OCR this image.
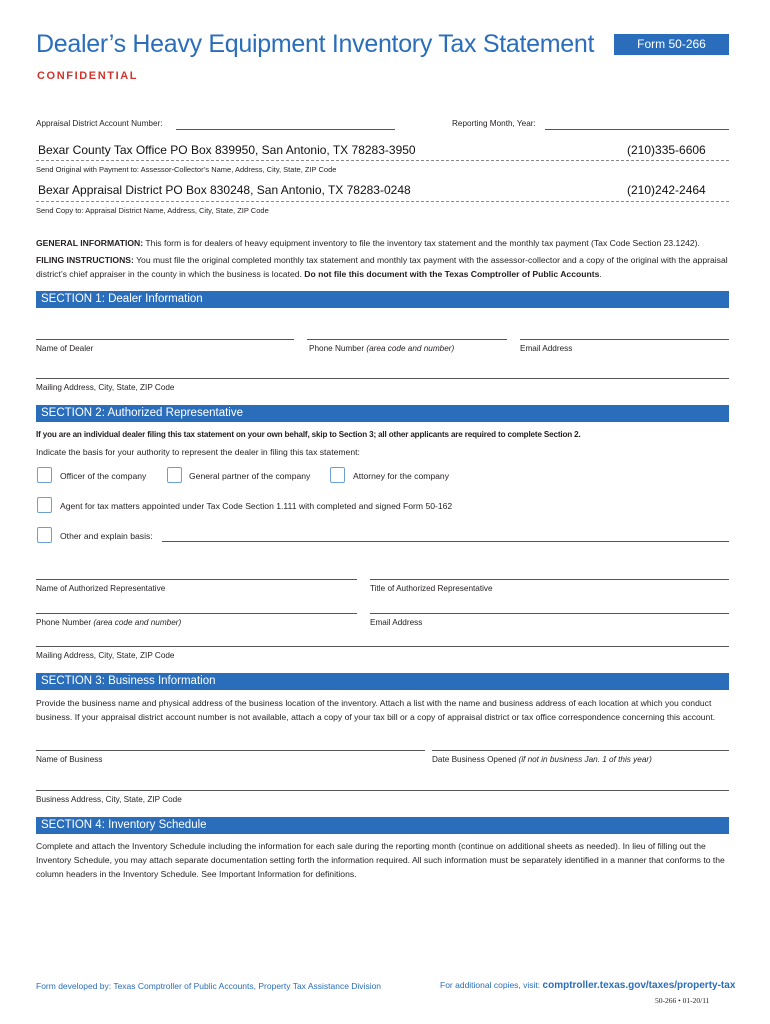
Dealer’s Heavy Equipment Inventory Tax Statement	Form 50-266
CONFIDENTIAL
Appraisal District Account Number:	Reporting Month, Year:
Bexar County Tax Office PO Box 839950, San Antonio, TX 78283-3950	(210)335-6606
Send Original with Payment to: Assessor-Collector’s Name, Address, City, State, ZIP Code
Bexar Appraisal District PO Box 830248, San Antonio, TX 78283-0248	(210)242-2464
Send Copy to: Appraisal District Name, Address, City, State, ZIP Code
GENERAL INFORMATION: This form is for dealers of heavy equipment inventory to file the inventory tax statement and the monthly tax payment (Tax Code Section 23.1242).
FILING INSTRUCTIONS: You must file the original completed monthly tax statement and monthly tax payment with the assessor-collector and a copy of the original with the appraisal district’s chief appraiser in the county in which the business is located. Do not file this document with the Texas Comptroller of Public Accounts.
SECTION 1: Dealer Information
Name of Dealer	Phone Number (area code and number)	Email Address
Mailing Address, City, State, ZIP Code
SECTION 2: Authorized Representative
If you are an individual dealer filing this tax statement on your own behalf, skip to Section 3; all other applicants are required to complete Section 2.
Indicate the basis for your authority to represent the dealer in filing this tax statement:
Officer of the company	General partner of the company	Attorney for the company
Agent for tax matters appointed under Tax Code Section 1.111 with completed and signed Form 50-162
Other and explain basis:
Name of Authorized Representative	Title of Authorized Representative
Phone Number (area code and number)	Email Address
Mailing Address, City, State, ZIP Code
SECTION 3: Business Information
Provide the business name and physical address of the business location of the inventory. Attach a list with the name and business address of each location at which you conduct business. If your appraisal district account number is not available, attach a copy of your tax bill or a copy of appraisal district or tax office correspondence concerning this account.
Name of Business	Date Business Opened (if not in business Jan. 1 of this year)
Business Address, City, State, ZIP Code
SECTION 4: Inventory Schedule
Complete and attach the Inventory Schedule including the information for each sale during the reporting month (continue on additional sheets as needed). In lieu of filling out the Inventory Schedule, you may attach separate documentation setting forth the information required. All such information must be separately identified in a manner that conforms to the column headers in the Inventory Schedule. See Important Information for definitions.
Form developed by: Texas Comptroller of Public Accounts, Property Tax Assistance Division	For additional copies, visit: comptroller.texas.gov/taxes/property-tax
50-266 • 01-20/11
